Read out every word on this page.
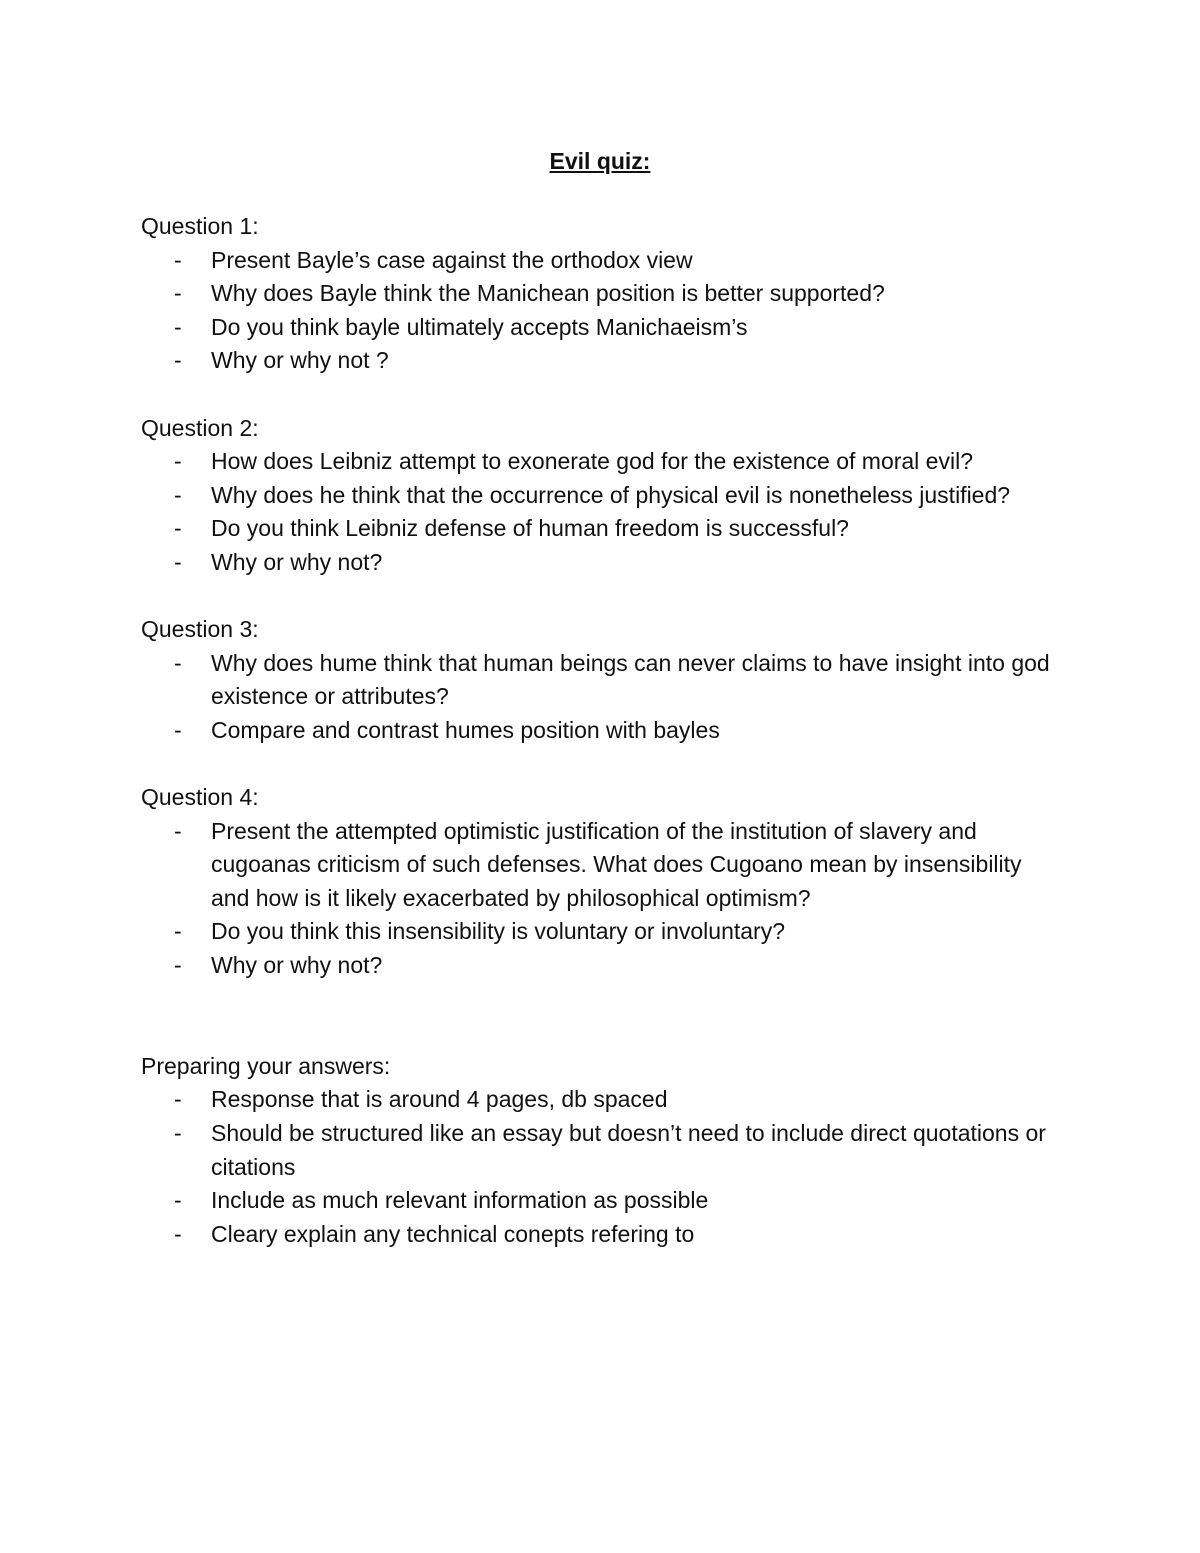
Evil quiz:

Question 1:

- Present Bayle’s case against the orthodox view
- Why does Bayle think the Manichean position is better supported?
- Do you think bayle ultimately accepts Manichaeism’s
- Why or why not ?

Question 2:

- How does Leibniz attempt to exonerate god for the existence of moral evil?
- Why does he think that the occurrence of physical evil is nonetheless justified?
- Do you think Leibniz defense of human freedom is successful?
- Why or why not?

Question 3:

- Why does hume think that human beings can never claims to have insight into god existence or attributes?
- Compare and contrast humes position with bayles

Question 4:

- Present the attempted optimistic justification of the institution of slavery and cugoanas criticism of such defenses. What does Cugoano mean by insensibility and how is it likely exacerbated by philosophical optimism?
- Do you think this insensibility is voluntary or involuntary?
- Why or why not?

Preparing your answers:

- Response that is around 4 pages, db spaced
- Should be structured like an essay but doesn’t need to include direct quotations or citations
- Include as much relevant information as possible
- Cleary explain any technical conepts refering to
